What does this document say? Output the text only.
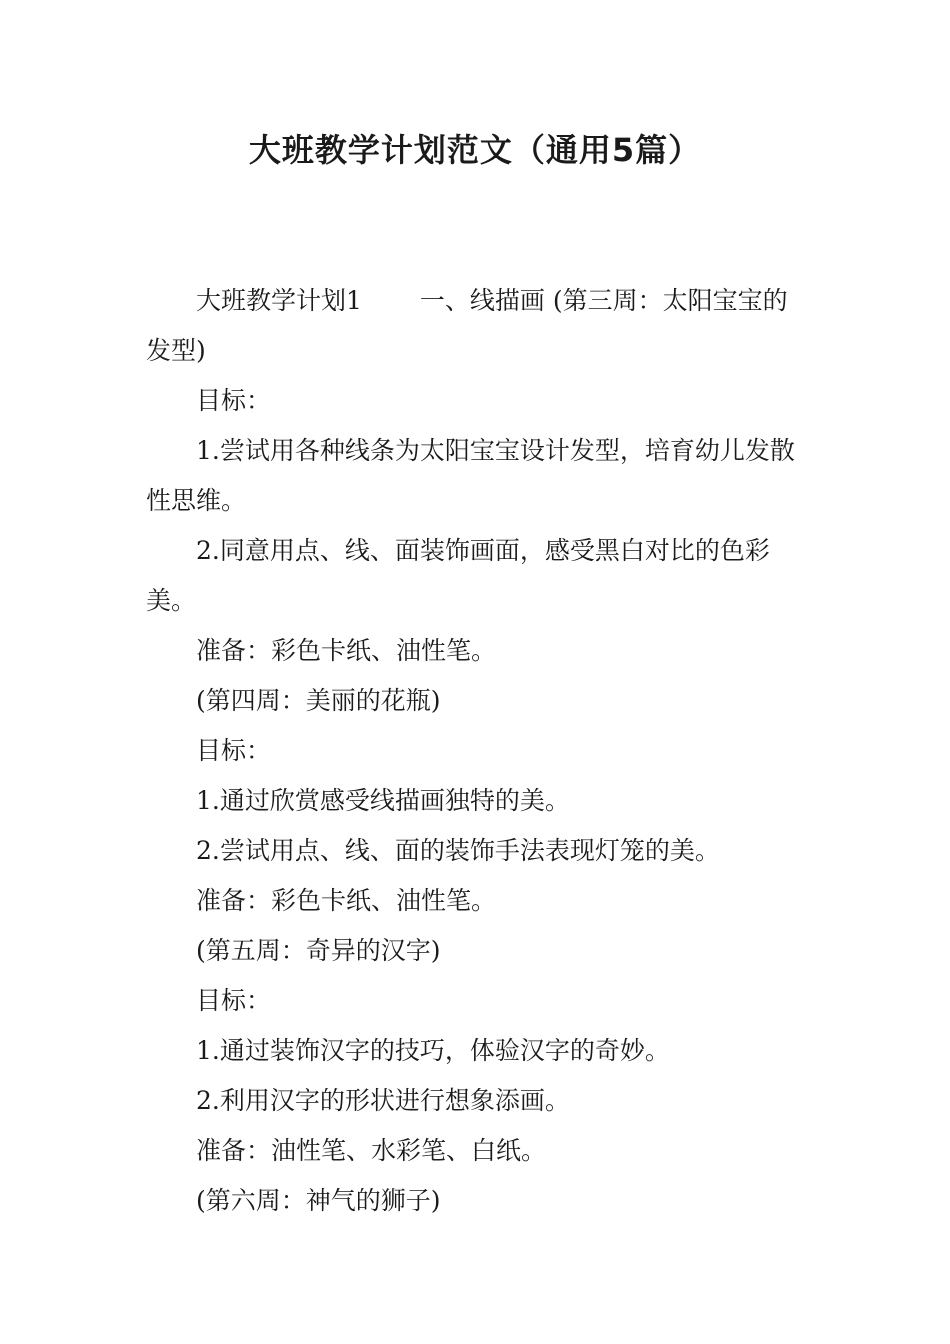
大班教学计划范文（通用5篇）

大班教学计划1 一、线描画 (第三周：太阳宝宝的发型)

目标：

1.尝试用各种线条为太阳宝宝设计发型，培育幼儿发散性思维。

2.同意用点、线、面装饰画面，感受黑白对比的色彩美。

准备：彩色卡纸、油性笔。

(第四周：美丽的花瓶)

目标：

1.通过欣赏感受线描画独特的美。

2.尝试用点、线、面的装饰手法表现灯笼的美。

准备：彩色卡纸、油性笔。

(第五周：奇异的汉字)

目标：

1.通过装饰汉字的技巧，体验汉字的奇妙。

2.利用汉字的形状进行想象添画。

准备：油性笔、水彩笔、白纸。

(第六周：神气的狮子)
